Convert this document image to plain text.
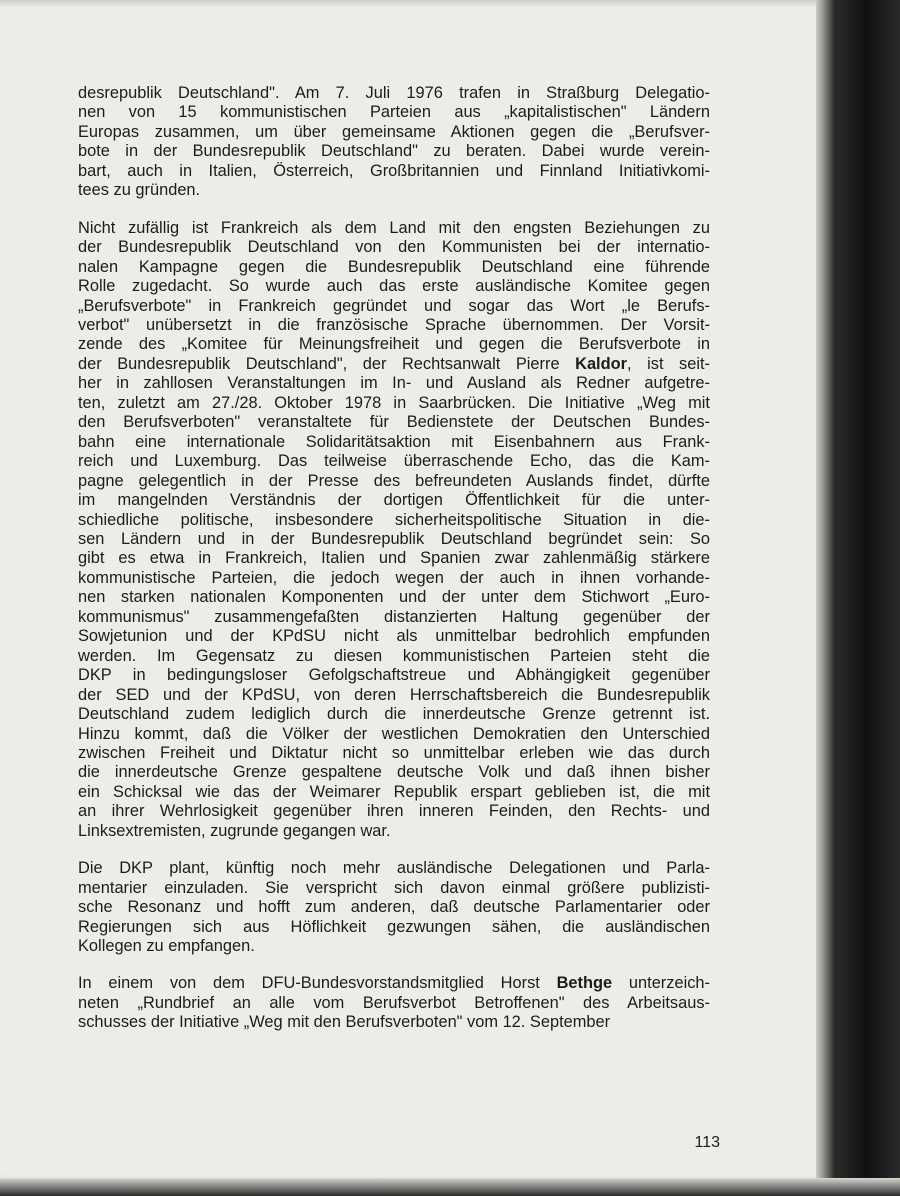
desrepublik Deutschland". Am 7. Juli 1976 trafen in Straßburg Delegatio-
nen von 15 kommunistischen Parteien aus „kapitalistischen" Ländern
Europas zusammen, um über gemeinsame Aktionen gegen die „Berufsver-
bote in der Bundesrepublik Deutschland" zu beraten. Dabei wurde verein-
bart, auch in Italien, Österreich, Großbritannien und Finnland Initiativkomi-
tees zu gründen.
Nicht zufällig ist Frankreich als dem Land mit den engsten Beziehungen zu
der Bundesrepublik Deutschland von den Kommunisten bei der internatio-
nalen Kampagne gegen die Bundesrepublik Deutschland eine führende
Rolle zugedacht. So wurde auch das erste ausländische Komitee gegen
„Berufsverbote" in Frankreich gegründet und sogar das Wort „le Berufs-
verbot" unübersetzt in die französische Sprache übernommen. Der Vorsit-
zende des „Komitee für Meinungsfreiheit und gegen die Berufsverbote in
der Bundesrepublik Deutschland", der Rechtsanwalt Pierre Kaldor, ist seit-
her in zahllosen Veranstaltungen im In- und Ausland als Redner aufgetre-
ten, zuletzt am 27./28. Oktober 1978 in Saarbrücken. Die Initiative „Weg mit
den Berufsverboten" veranstaltete für Bedienstete der Deutschen Bundes-
bahn eine internationale Solidaritätsaktion mit Eisenbahnern aus Frank-
reich und Luxemburg. Das teilweise überraschende Echo, das die Kam-
pagne gelegentlich in der Presse des befreundeten Auslands findet, dürfte
im mangelnden Verständnis der dortigen Öffentlichkeit für die unter-
schiedliche politische, insbesondere sicherheitspolitische Situation in die-
sen Ländern und in der Bundesrepublik Deutschland begründet sein: So
gibt es etwa in Frankreich, Italien und Spanien zwar zahlenmäßig stärkere
kommunistische Parteien, die jedoch wegen der auch in ihnen vorhande-
nen starken nationalen Komponenten und der unter dem Stichwort „Euro-
kommunismus" zusammengefaßten distanzierten Haltung gegenüber der
Sowjetunion und der KPdSU nicht als unmittelbar bedrohlich empfunden
werden. Im Gegensatz zu diesen kommunistischen Parteien steht die
DKP in bedingungsloser Gefolgschaftstreue und Abhängigkeit gegenüber
der SED und der KPdSU, von deren Herrschaftsbereich die Bundesrepublik
Deutschland zudem lediglich durch die innerdeutsche Grenze getrennt ist.
Hinzu kommt, daß die Völker der westlichen Demokratien den Unterschied
zwischen Freiheit und Diktatur nicht so unmittelbar erleben wie das durch
die innerdeutsche Grenze gespaltene deutsche Volk und daß ihnen bisher
ein Schicksal wie das der Weimarer Republik erspart geblieben ist, die mit
an ihrer Wehrlosigkeit gegenüber ihren inneren Feinden, den Rechts- und
Linksextremisten, zugrunde gegangen war.
Die DKP plant, künftig noch mehr ausländische Delegationen und Parla-
mentarier einzuladen. Sie verspricht sich davon einmal größere publizisti-
sche Resonanz und hofft zum anderen, daß deutsche Parlamentarier oder
Regierungen sich aus Höflichkeit gezwungen sähen, die ausländischen
Kollegen zu empfangen.
In einem von dem DFU-Bundesvorstandsmitglied Horst Bethge unterzeich-
neten „Rundbrief an alle vom Berufsverbot Betroffenen" des Arbeitsaus-
schusses der Initiative „Weg mit den Berufsverboten" vom 12. September
113
